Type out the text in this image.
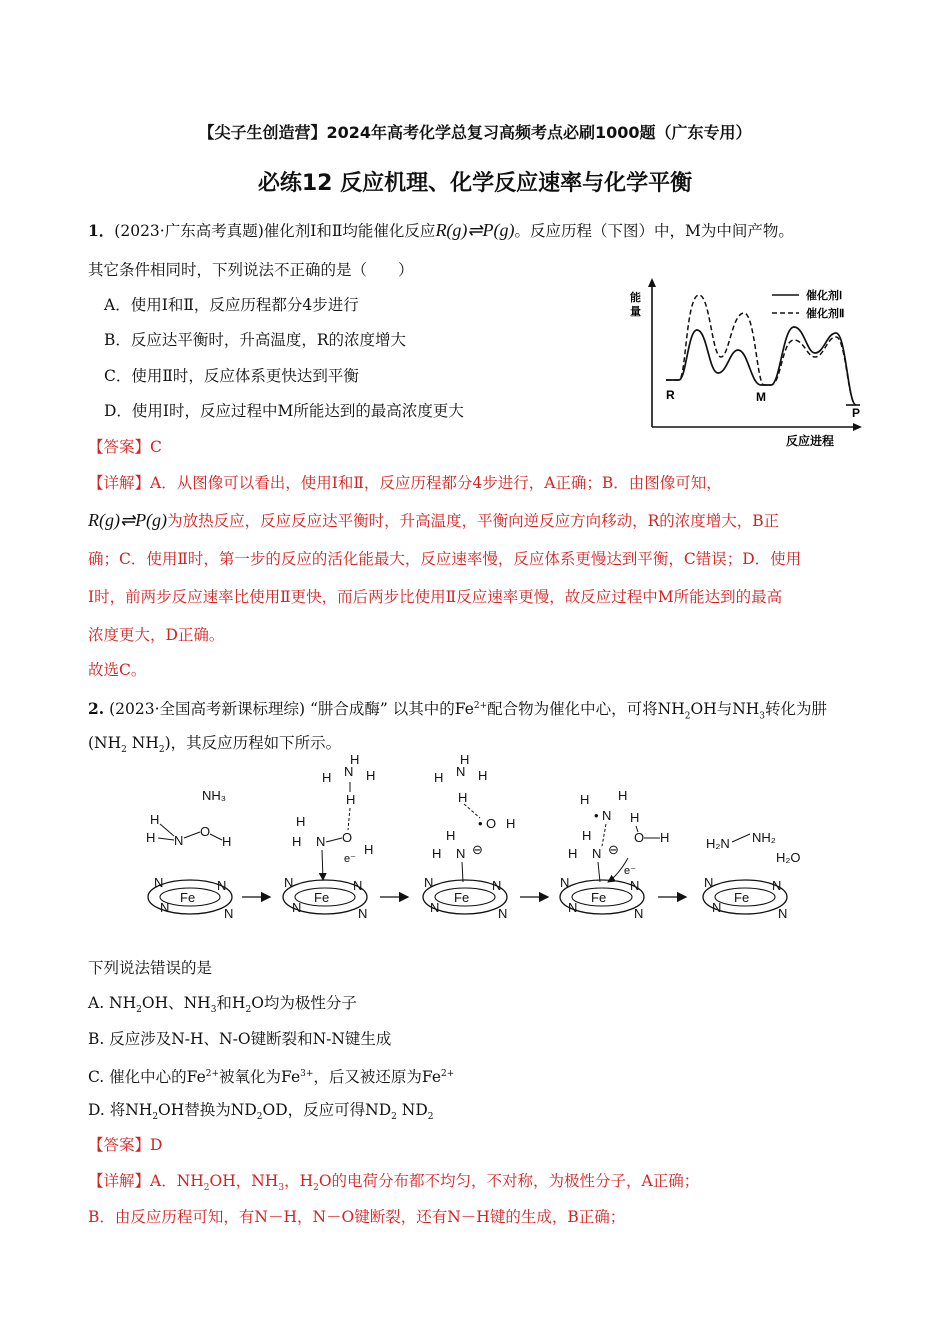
【尖子生创造营】2024年高考化学总复习高频考点必刷1000题（广东专用）
必练12 反应机理、化学反应速率与化学平衡
1．(2023·广东高考真题)催化剂Ⅰ和Ⅱ均能催化反应R(g)⇌P(g)。反应历程（下图）中，M为中间产物。
其它条件相同时，下列说法不正确的是（　　）
A．使用Ⅰ和Ⅱ，反应历程都分4步进行
B．反应达平衡时，升高温度，R的浓度增大
C．使用Ⅱ时，反应体系更快达到平衡
D．使用Ⅰ时，反应过程中M所能达到的最高浓度更大
能
量
反应进程
催化剂Ⅰ
催化剂Ⅱ
R	M
P
【答案】C
【详解】A．从图像可以看出，使用Ⅰ和Ⅱ，反应历程都分4步进行，A正确；B．由图像可知，
R(g)⇌P(g)为放热反应，反应反应达平衡时，升高温度，平衡向逆反应方向移动，R的浓度增大，B正
确；C．使用Ⅱ时，第一步的反应的活化能最大，反应速率慢，反应体系更慢达到平衡，C错误；D．使用
Ⅰ时，前两步反应速率比使用Ⅱ更快，而后两步比使用Ⅱ反应速率更慢，故反应过程中M所能达到的最高
浓度更大，D正确。
故选C。
2. (2023·全国高考新课标理综) “肼合成酶” 以其中的$Fe^{2+}$配合物为催化中心，可将$NH_2OH$与$NH_3$转化为肼
($NH_2$ $NH_2$)，其反应历程如下所示。
Fe
N	N
N	N
NH₃
H
H N
O
H
Fe
N	N
N	N
H N H
H
H
H
H N O
H
e⁻
Fe
N	N
N	N
H N H
H
H
• O H
H
H N ⊖
Fe
N	N
N	N
H
• N
H
H
O H
H
H N ⊖
e⁻
Fe
N	N
N	N
H₂N NH₂
H₂O
下列说法错误的是
A. $NH_2OH$、$NH_3$和$H_2O$均为极性分子
B. 反应涉及N-H、N-O键断裂和N-N键生成
C. 催化中心的$Fe^{2+}$被氧化为$Fe^{3+}$，后又被还原为$Fe^{2+}$
D. 将$NH_2OH$替换为$ND_2OD$，反应可得$ND_2$ $ND_2$
【答案】D
【详解】A．$NH_2OH$，$NH_3$，$H_2O$的电荷分布都不均匀，不对称，为极性分子，A正确；
B．由反应历程可知，有N－H，N－O键断裂，还有N－H键的生成，B正确；
